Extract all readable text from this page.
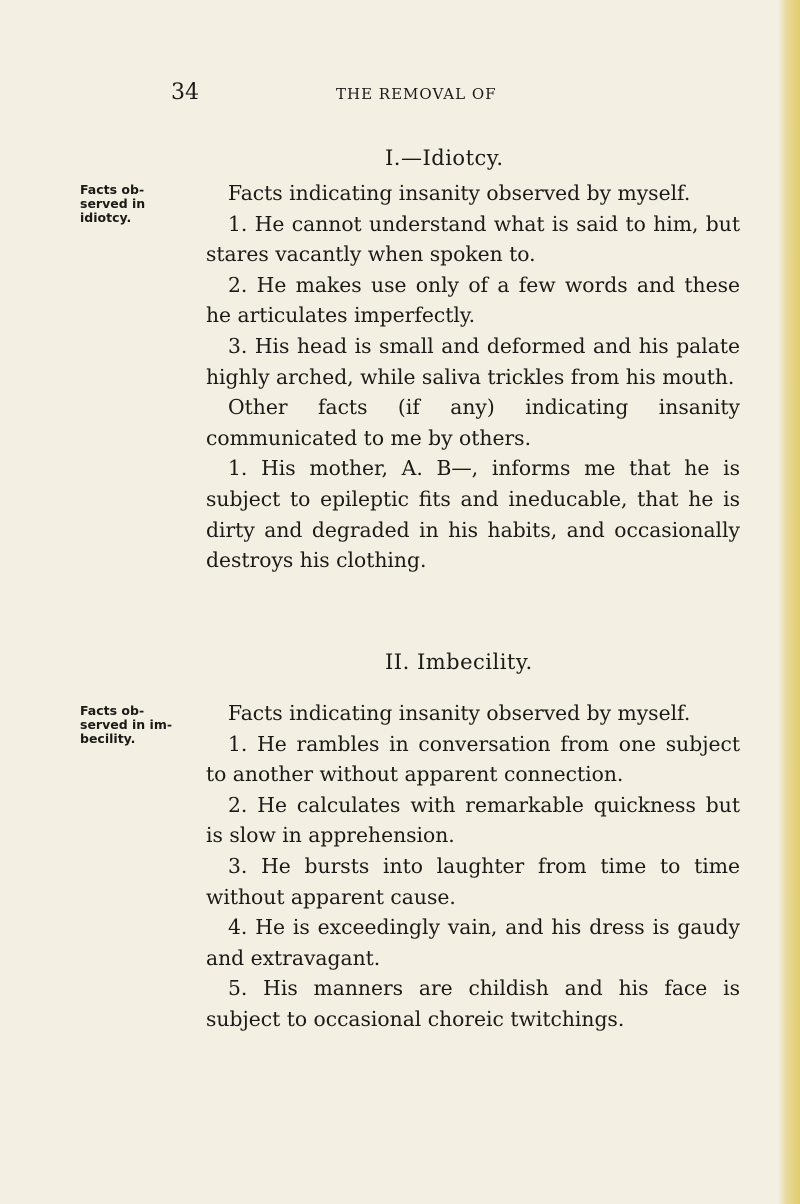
34	THE REMOVAL OF
I.—Idiotcy.
Facts ob-
served in
idiotcy.

Facts indicating insanity observed by myself.

1. He cannot understand what is said to him, but stares vacantly when spoken to.

2. He makes use only of a few words and these he articulates imperfectly.

3. His head is small and deformed and his palate highly arched, while saliva trickles from his mouth.

Other facts (if any) indicating insanity communicated to me by others.

1. His mother, A. B—, informs me that he is subject to epileptic fits and ineducable, that he is dirty and degraded in his habits, and occasionally destroys his clothing.

II. Imbecility.
Facts ob-
served in im-
becility.

Facts indicating insanity observed by myself.

1. He rambles in conversation from one subject to another without apparent connection.

2. He calculates with remarkable quickness but is slow in apprehension.

3. He bursts into laughter from time to time without apparent cause.

4. He is exceedingly vain, and his dress is gaudy and extravagant.

5. His manners are childish and his face is subject to occasional choreic twitchings.
